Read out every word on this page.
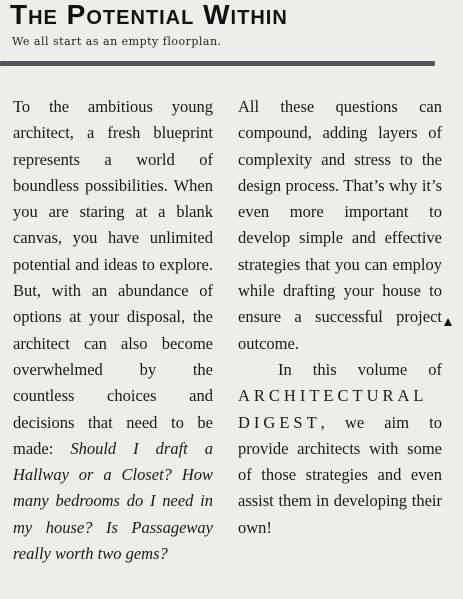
The Potential Within
We all start as an empty floorplan.

To the ambitious young architect, a fresh blueprint represents a world of boundless possibilities. When you are staring at a blank canvas, you have unlimited potential and ideas to explore. But, with an abundance of options at your disposal, the architect can also become overwhelmed by the countless choices and decisions that need to be made: Should I draft a Hallway or a Closet? How many bedrooms do I need in my house? Is Passageway really worth two gems?

All these questions can compound, adding layers of complexity and stress to the design process. That’s why it’s even more important to develop simple and effective strategies that you can employ while drafting your house to ensure a successful project outcome.

In this volume of ARCHITECTURAL DIGEST, we aim to provide architects with some of those strategies and even assist them in developing their own!
